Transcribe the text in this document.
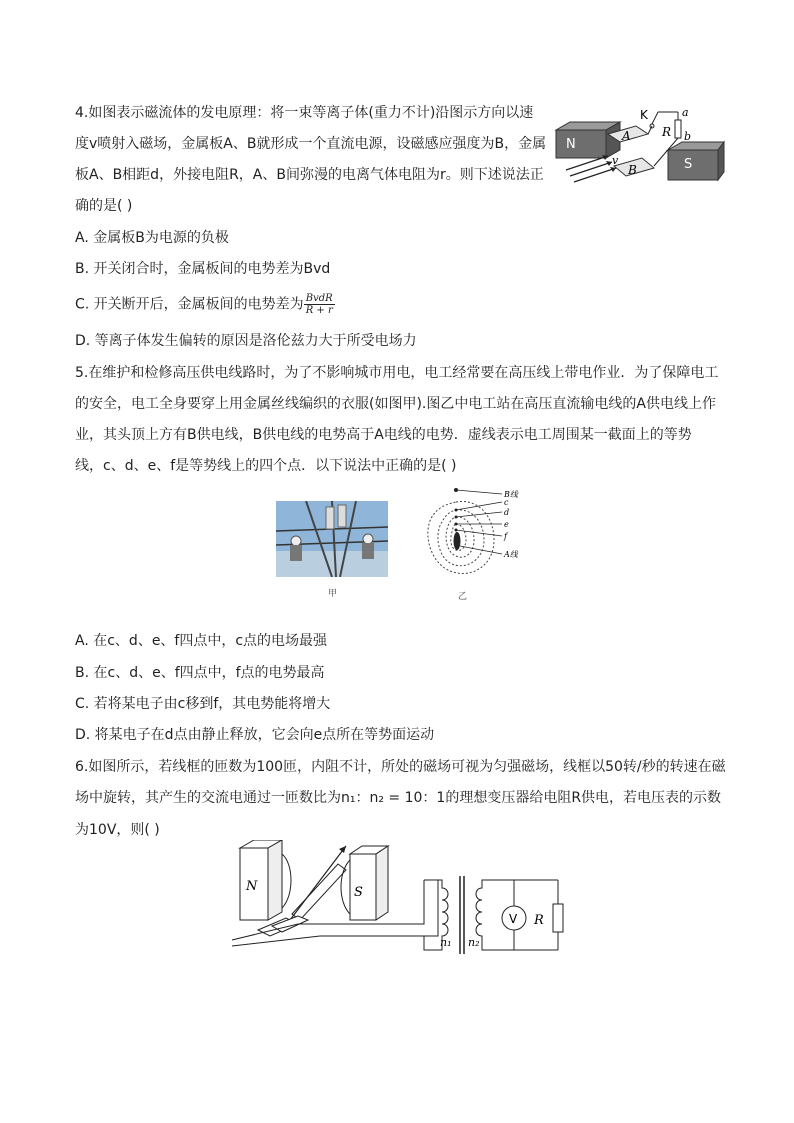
4.如图表示磁流体的发电原理：将一束等离子体(重力不计)沿图示方向以速
度v喷射入磁场，金属板A、B就形成一个直流电源，设磁感应强度为B，金属
板A、B相距d，外接电阻R，A、B间弥漫的电离气体电阻为r。则下述说法正
确的是( )
A. 金属板B为电源的负极
B. 开关闭合时，金属板间的电势差为Bvd
C. 开关断开后，金属板间的电势差为 $\frac{\text{BvdR}}{R + r}$
D. 等离子体发生偏转的原因是洛伦兹力大于所受电场力
N
A
B
v	S
K	a
R b
5.在维护和检修高压供电线路时，为了不影响城市用电，电工经常要在高压线上带电作业．为了保障电工
的安全，电工全身要穿上用金属丝线编织的衣服(如图甲).图乙中电工站在高压直流输电线的A供电线上作
业，其头顶上方有B供电线，B供电线的电势高于A电线的电势．虚线表示电工周围某一截面上的等势
线，c、d、e、f是等势线上的四个点．以下说法中正确的是( )
甲
B线
c
d
e
f
A线
乙
A. 在c、d、e、f四点中，c点的电场最强
B. 在c、d、e、f四点中，f点的电势最高
C. 若将某电子由c移到f，其电势能将增大
D. 将某电子在d点由静止释放，它会向e点所在等势面运动
6.如图所示，若线框的匝数为100匝，内阻不计，所处的磁场可视为匀强磁场，线框以50转/秒的转速在磁
场中旋转，其产生的交流电通过一匝数比为n₁：n₂ = 10：1的理想变压器给电阻R供电，若电压表的示数
为10V，则( )
N	S
V R
n₁ n₂
